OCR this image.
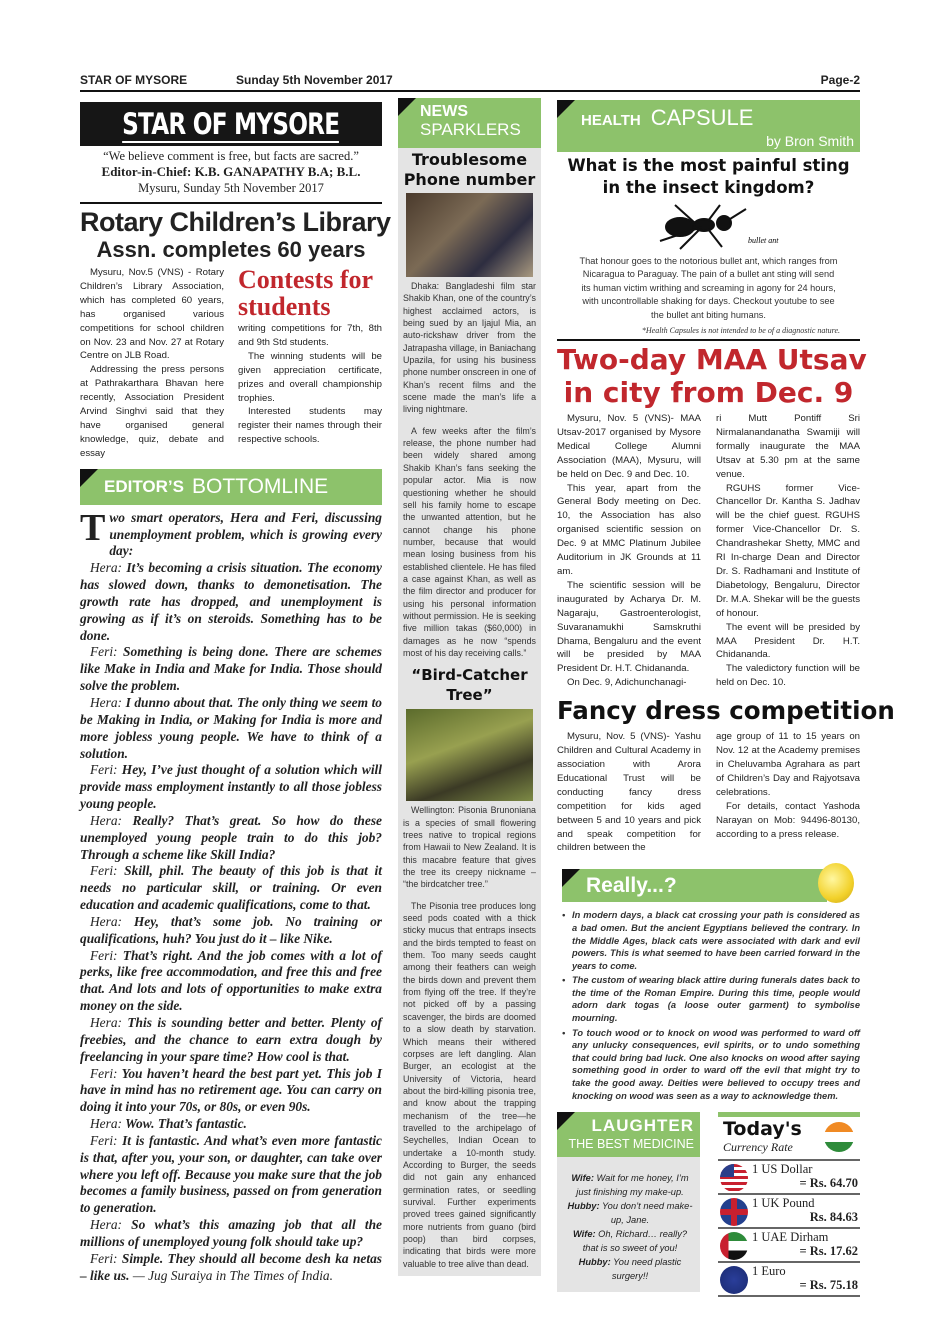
STAR OF MYSORE	Sunday 5th November 2017	Page-2
STAR OF MYSORE
“We believe comment is free, but facts are sacred.”
Editor-in-Chief: K.B. GANAPATHY B.A; B.L.
Mysuru, Sunday 5th November 2017
Rotary Children’s Library
Assn. completes 60 years

Mysuru, Nov.5 (VNS) - Rotary Children’s Library Association, which has completed 60 years, has organised various competitions for school children on Nov. 23 and Nov. 27 at Rotary Centre on JLB Road.

Addressing the press persons at Pathrakarthara Bhavan here recently, Association President Arvind Singhvi said that they have organised general knowledge, quiz, debate and essay

Contests for students

writing competitions for 7th, 8th and 9th Std students.

The winning students will be given appreciation certificate, prizes and overall championship trophies.

Interested students may register their names through their respective schools.

EDITOR’S BOTTOMLINE

Two smart operators, Hera and Feri, discussing unemployment problem, which is growing every day:

Hera: It’s becoming a crisis situation. The economy has slowed down, thanks to demonetisation. The growth rate has dropped, and unemployment is growing as if it’s on steroids. Something has to be done.

Feri: Something is being done. There are schemes like Make in India and Make for India. Those should solve the problem.

Hera: I dunno about that. The only thing we seem to be Making in India, or Making for India is more and more jobless young people. We have to think of a solution.

Feri: Hey, I’ve just thought of a solution which will provide mass employment instantly to all those jobless young people.

Hera: Really? That’s great. So how do these unemployed young people train to do this job? Through a scheme like Skill India?

Feri: Skill, phil. The beauty of this job is that it needs no particular skill, or training. Or even education and academic qualifications, come to that.

Hera: Hey, that’s some job. No training or qualifications, huh? You just do it – like Nike.

Feri: That’s right. And the job comes with a lot of perks, like free accommodation, and free this and free that. And lots and lots of opportunities to make extra money on the side.

Hera: This is sounding better and better. Plenty of freebies, and the chance to earn extra dough by freelancing in your spare time? How cool is that.

Feri: You haven’t heard the best part yet. This job I have in mind has no retirement age. You can carry on doing it into your 70s, or 80s, or even 90s.

Hera: Wow. That’s fantastic.

Feri: It is fantastic. And what’s even more fantastic is that, after you, your son, or daughter, can take over where you left off. Because you make sure that the job becomes a family business, passed on from generation to generation.

Hera: So what’s this amazing job that all the millions of unemployed young folk should take up?

Feri: Simple. They should all become desh ka netas – like us. — Jug Suraiya in The Times of India.

NEWS
SPARKLERS
Troublesome Phone number

Dhaka: Bangladeshi film star Shakib Khan, one of the country’s highest acclaimed actors, is being sued by an Ijajul Mia, an auto-rickshaw driver from the Jatrapasha village, in Baniachang Upazila, for using his business phone number onscreen in one of Khan’s recent films and the scene made the man’s life a living nightmare.

A few weeks after the film’s release, the phone number had been widely shared among Shakib Khan’s fans seeking the popular actor. Mia is now questioning whether he should sell his family home to escape the unwanted attention, but he cannot change his phone number, because that would mean losing business from his established clientele. He has filed a case against Khan, as well as the film director and producer for using his personal information without permission. He is seeking five million takas ($60,000) in damages as he now “spends most of his day receiving calls.”

“Bird-Catcher Tree”

Wellington: Pisonia Brunoniana is a species of small flowering trees native to tropical regions from Hawaii to New Zealand. It is this macabre feature that gives the tree its creepy nickname – “the birdcatcher tree.”

The Pisonia tree produces long seed pods coated with a thick sticky mucus that entraps insects and the birds tempted to feast on them. Too many seeds caught among their feathers can weigh the birds down and prevent them from flying off the tree. If they’re not picked off by a passing scavenger, the birds are doomed to a slow death by starvation. Which means their withered corpses are left dangling. Alan Burger, an ecologist at the University of Victoria, heard about the bird-killing pisonia tree, and know about the trapping mechanism of the tree—he travelled to the archipelago of Seychelles, Indian Ocean to undertake a 10-month study. According to Burger, the seeds did not gain any enhanced germination rates, or seedling survival. Further experiments proved trees gained significantly more nutrients from guano (bird poop) than bird corpses, indicating that birds were more valuable to tree alive than dead.

HEALTH CAPSULE
by Bron Smith
What is the most painful sting in the insect kingdom?
bullet ant
That honour goes to the notorious bullet ant, which ranges from Nicaragua to Paraguay. The pain of a bullet ant sting will send its human victim writhing and screaming in agony for 24 hours, with uncontrollable shaking for days. Checkout youtube to see the bullet ant biting humans.
*Health Capsules is not intended to be of a diagnostic nature.
Two-day MAA Utsav
in city from Dec. 9

Mysuru, Nov. 5 (VNS)- MAA Utsav-2017 organised by Mysore Medical College Alumni Association (MAA), Mysuru, will be held on Dec. 9 and Dec. 10.

This year, apart from the General Body meeting on Dec. 10, the Association has also organised scientific session on Dec. 9 at MMC Platinum Jubilee Auditorium in JK Grounds at 11 am.

The scientific session will be inaugurated by Acharya Dr. M. Nagaraju, Gastroenterologist, Suvaranamukhi Samskruthi Dhama, Bengaluru and the event will be presided by MAA President Dr. H.T. Chidananda.

On Dec. 9, Adichunchanagi-

ri Mutt Pontiff Sri Nirmalanandanatha Swamiji will formally inaugurate the MAA Utsav at 5.30 pm at the same venue.

RGUHS former Vice-Chancellor Dr. Kantha S. Jadhav will be the chief guest. RGUHS former Vice-Chancellor Dr. S. Chandrashekar Shetty, MMC and RI In-charge Dean and Director Dr. S. Radhamani and Institute of Diabetology, Bengaluru, Director Dr. M.A. Shekar will be the guests of honour.

The event will be presided by MAA President Dr. H.T. Chidananda.

The valedictory function will be held on Dec. 10.

Fancy dress competition

Mysuru, Nov. 5 (VNS)- Yashu Children and Cultural Academy in association with Arora Educational Trust will be conducting fancy dress competition for kids aged between 5 and 10 years and pick and speak competition for children between the

age group of 11 to 15 years on Nov. 12 at the Academy premises in Cheluvamba Agrahara as part of Children’s Day and Rajyotsava celebrations.

For details, contact Yashoda Narayan on Mob: 94496-80130, according to a press release.

Really...?
• In modern days, a black cat crossing your path is considered as a bad omen. But the ancient Egyptians believed the contrary. In the Middle Ages, black cats were associated with dark and evil powers. This is what seemed to have been carried forward in the years to come.
• The custom of wearing black attire during funerals dates back to the time of the Roman Empire. During this time, people would adorn dark togas (a loose outer garment) to symbolise mourning.
• To touch wood or to knock on wood was performed to ward off any unlucky consequences, evil spirits, or to undo something that could bring bad luck. One also knocks on wood after saying something good in order to ward off the evil that might try to take the good away. Deities were believed to occupy trees and knocking on wood was seen as a way to acknowledge them.
LAUGHTER
THE BEST MEDICINE
Wife: Wait for me honey, I’m just finishing my make-up.
Hubby: You don’t need make-up, Jane.
Wife: Oh, Richard… really? that is so sweet of you!
Hubby: You need plastic surgery!!
Today's
Currency Rate
1 US Dollar
= Rs. 64.70
1 UK Pound
Rs. 84.63
1 UAE Dirham
= Rs. 17.62
1 Euro
= Rs. 75.18
